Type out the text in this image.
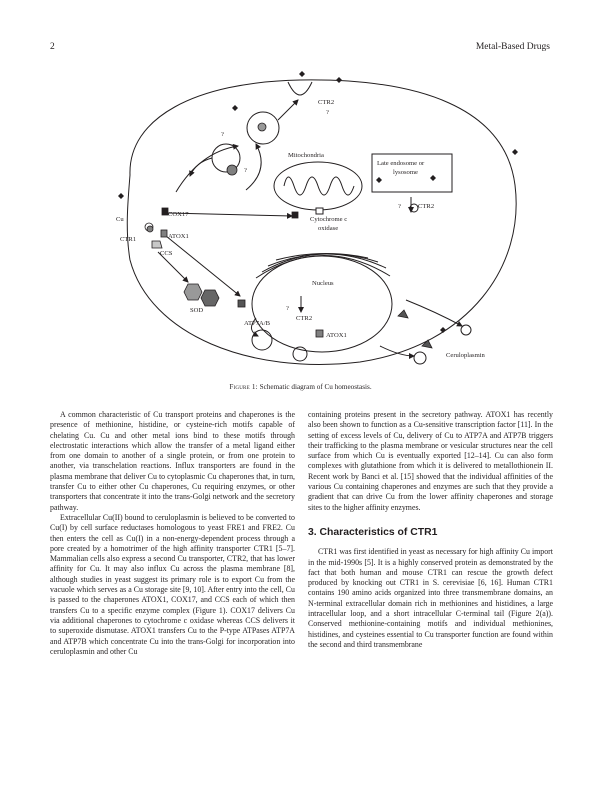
2	Metal-Based Drugs
CTR2
?
?
?
Mitochondria
Late endosome or
lysosome
?	CTR2
Cu
CTR1
COX17
ATOX1
CCS
Cytochrome c
oxidase
Nucleus
SOD
ATP7A/B
?
CTR2
ATOX1
Ceruloplasmin
Figure 1: Schematic diagram of Cu homeostasis.

A common characteristic of Cu transport proteins and chaperones is the presence of methionine, histidine, or cysteine-rich motifs capable of chelating Cu. Cu and other metal ions bind to these motifs through electrostatic interactions which allow the transfer of a metal ligand either from one domain to another of a single protein, or from one protein to another, via transchelation reactions. Influx transporters are found in the plasma membrane that deliver Cu to cytoplasmic Cu chaperones that, in turn, transfer Cu to either other Cu chaperones, Cu requiring enzymes, or other transporters that concentrate it into the trans-Golgi network and the secretory pathway.

Extracellular Cu(II) bound to ceruloplasmin is believed to be converted to Cu(I) by cell surface reductases homologous to yeast FRE1 and FRE2. Cu then enters the cell as Cu(I) in a non-energy-dependent process through a pore created by a homotrimer of the high affinity transporter CTR1 [5–7]. Mammalian cells also express a second Cu transporter, CTR2, that has lower affinity for Cu. It may also influx Cu across the plasma membrane [8], although studies in yeast suggest its primary role is to export Cu from the vacuole which serves as a Cu storage site [9, 10]. After entry into the cell, Cu is passed to the chaperones ATOX1, COX17, and CCS each of which then transfers Cu to a specific enzyme complex (Figure 1). COX17 delivers Cu via additional chaperones to cytochrome c oxidase whereas CCS delivers it to superoxide dismutase. ATOX1 transfers Cu to the P-type ATPases ATP7A and ATP7B which concentrate Cu into the trans-Golgi for incorporation into ceruloplasmin and other Cu

containing proteins present in the secretory pathway. ATOX1 has recently also been shown to function as a Cu-sensitive transcription factor [11]. In the setting of excess levels of Cu, delivery of Cu to ATP7A and ATP7B triggers their trafficking to the plasma membrane or vesicular structures near the cell surface from which Cu is eventually exported [12–14]. Cu can also form complexes with glutathione from which it is delivered to metallothionein II. Recent work by Banci et al. [15] showed that the individual affinities of the various Cu containing chaperones and enzymes are such that they provide a gradient that can drive Cu from the lower affinity chaperones and storage sites to the higher affinity enzymes.

3. Characteristics of CTR1

CTR1 was first identified in yeast as necessary for high affinity Cu import in the mid-1990s [5]. It is a highly conserved protein as demonstrated by the fact that both human and mouse CTR1 can rescue the growth defect produced by knocking out CTR1 in S. cerevisiae [6, 16]. Human CTR1 contains 190 amino acids organized into three transmembrane domains, an N-terminal extracellular domain rich in methionines and histidines, a large intracellular loop, and a short intracellular C-terminal tail (Figure 2(a)). Conserved methionine-containing motifs and individual methionines, histidines, and cysteines essential to Cu transporter function are found within the second and third transmembrane
